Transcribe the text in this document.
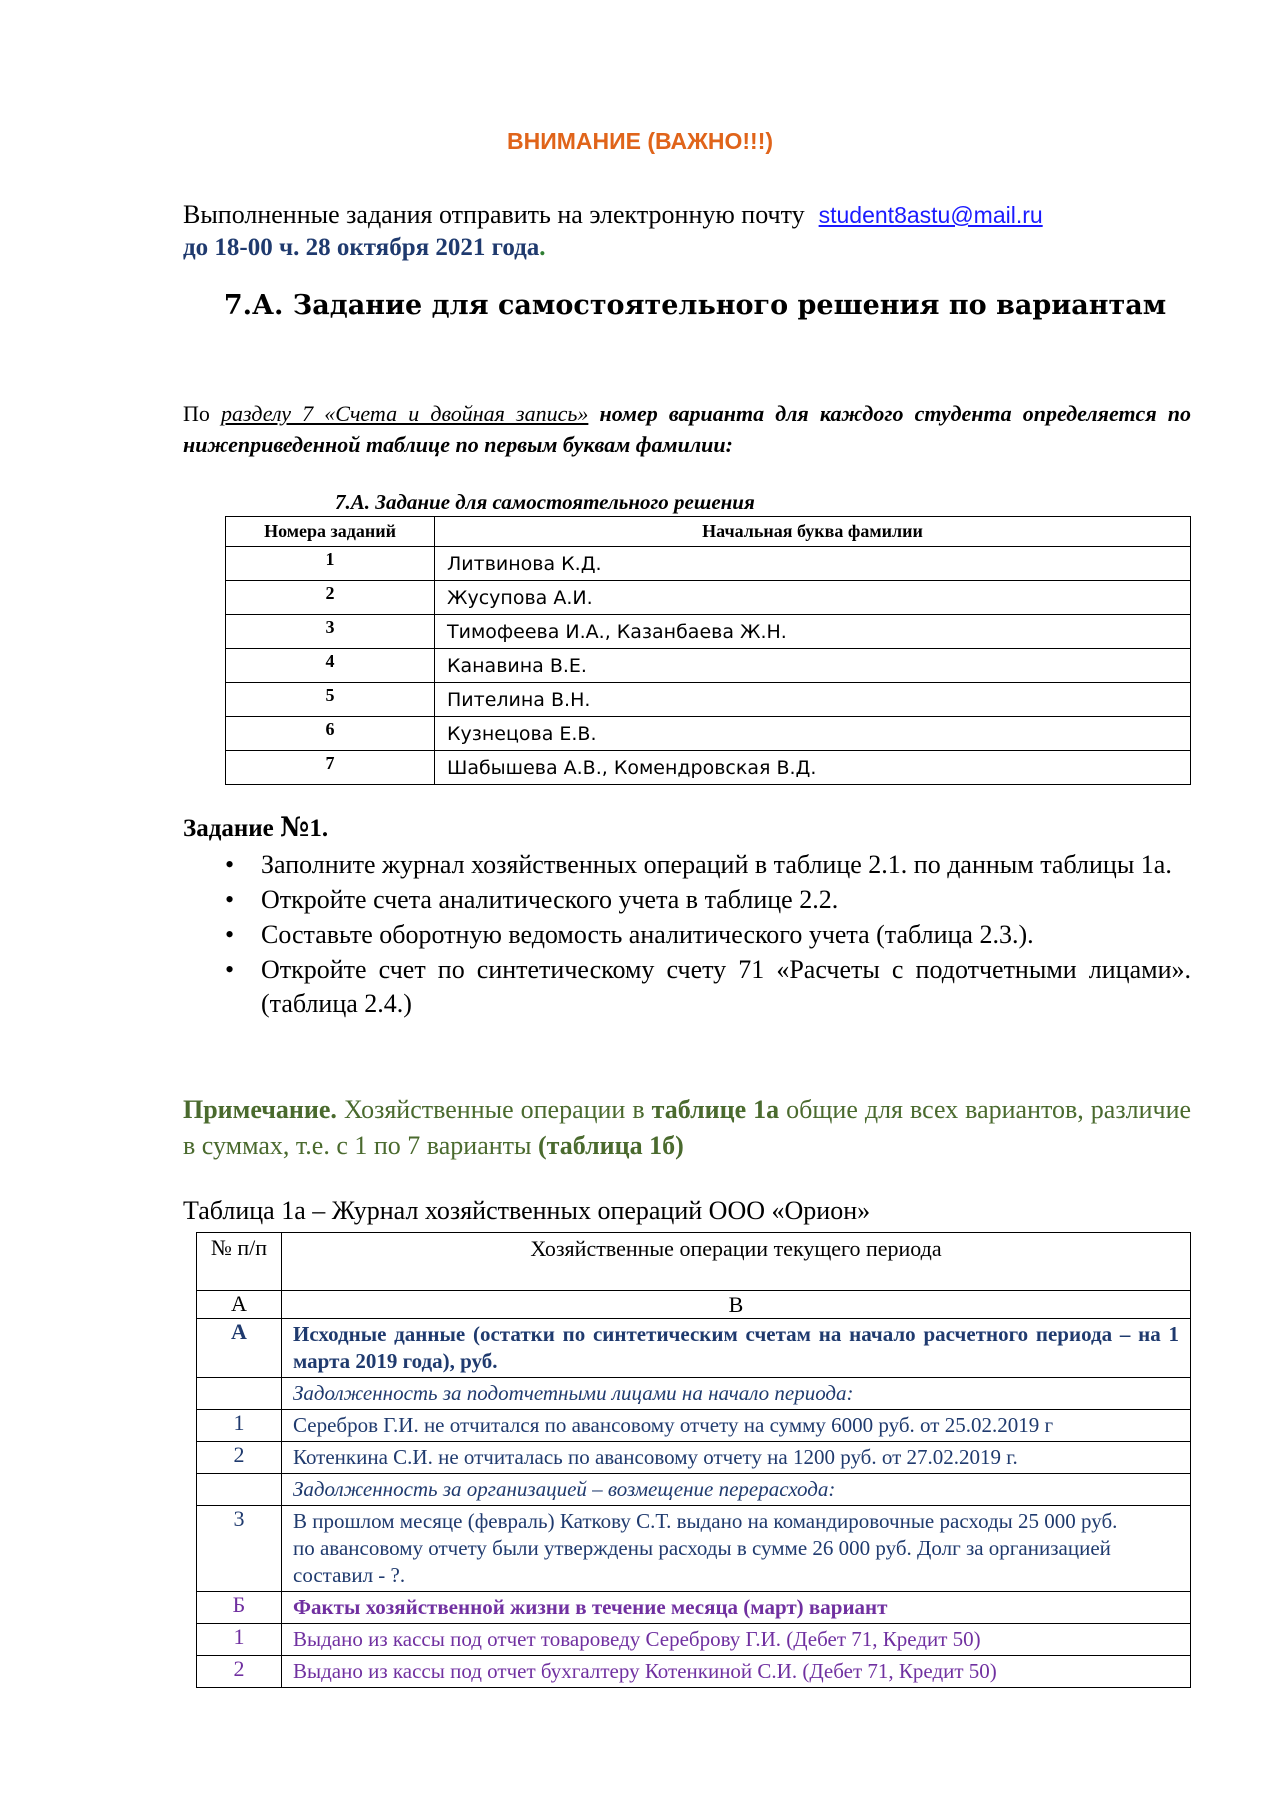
ВНИМАНИЕ (ВАЖНО!!!)
Выполненные задания отправить на электронную почту student8astu@mail.ru
до 18-00 ч. 28 октября 2021 года.
7.А. Задание для самостоятельного решения по вариантам
По разделу 7 «Счета и двойная запись» номер варианта для каждого студента определяется по нижеприведенной таблице по первым буквам фамилии:
7.А. Задание для самостоятельного решения
Номера заданий	Начальная буква фамилии
1	Литвинова К.Д.
2	Жусупова А.И.
3	Тимофеева И.А., Казанбаева Ж.Н.
4	Канавина В.Е.
5	Пителина В.Н.
6	Кузнецова Е.В.
7	Шабышева А.В., Комендровская В.Д.
Задание №1.
• Заполните журнал хозяйственных операций в таблице 2.1. по данным таблицы 1а.
• Откройте счета аналитического учета в таблице 2.2.
• Составьте оборотную ведомость аналитического учета (таблица 2.3.).
• Откройте счет по синтетическому счету 71 «Расчеты с подотчетными лицами». (таблица 2.4.)
Примечание. Хозяйственные операции в таблице 1а общие для всех вариантов, различие в суммах, т.е. с 1 по 7 варианты (таблица 1б)
Таблица 1а – Журнал хозяйственных операций ООО «Орион»
№ п/п	Хозяйственные операции текущего периода
А	В
А	Исходные данные (остатки по синтетическим счетам на начало расчетного периода – на 1 марта 2019 года), руб.
	Задолженность за подотчетными лицами на начало периода:
1	Серебров Г.И. не отчитался по авансовому отчету на сумму 6000 руб. от 25.02.2019 г
2	Котенкина С.И. не отчиталась по авансовому отчету на 1200 руб. от 27.02.2019 г.
	Задолженность за организацией – возмещение перерасхода:
3	В прошлом месяце (февраль) Каткову С.Т. выдано на командировочные расходы 25 000 руб. по авансовому отчету были утверждены расходы в сумме 26 000 руб. Долг за организацией составил - ?.
Б	Факты хозяйственной жизни в течение месяца (март) вариант
1	Выдано из кассы под отчет товароведу Сереброву Г.И. (Дебет 71, Кредит 50)
2	Выдано из кассы под отчет бухгалтеру Котенкиной С.И. (Дебет 71, Кредит 50)
